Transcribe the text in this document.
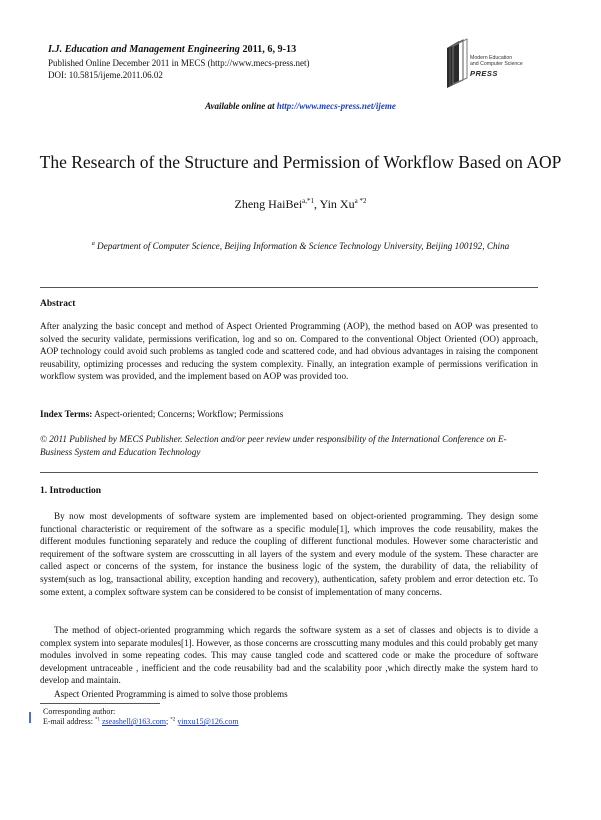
I.J. Education and Management Engineering 2011, 6, 9-13
Published Online December 2011 in MECS (http://www.mecs-press.net)
DOI: 10.5815/ijeme.2011.06.02
Modern Education
and Computer Science
PRESS
Available online at http://www.mecs-press.net/ijeme
The Research of the Structure and Permission of Workflow Based on AOP
Zheng HaiBei$^{a,*1}$, Yin $Xu^{a *2}$
$^a$ Department of Computer Science, Beijing Information & Science Technology University, Beijing 100192, China
Abstract
After analyzing the basic concept and method of Aspect Oriented Programming (AOP), the method based on AOP was presented to solved the security validate, permissions verification, log and so on. Compared to the conventional Object Oriented (OO) approach, AOP technology could avoid such problems as tangled code and scattered code, and had obvious advantages in raising the component reusability, optimizing processes and reducing the system complexity. Finally, an integration example of permissions verification in workflow system was provided, and the implement based on AOP was provided too.
Index Terms: Aspect-oriented; Concerns; Workflow; Permissions
© 2011 Published by MECS Publisher. Selection and/or peer review under responsibility of the International Conference on E-Business System and Education Technology
1. Introduction
By now most developments of software system are implemented based on object-oriented programming. They design some functional characteristic or requirement of the software as a specific module[1], which improves the code reusability, makes the different modules functioning separately and reduce the coupling of different functional modules. However some characteristic and requirement of the software system are crosscutting in all layers of the system and every module of the system. These character are called aspect or concerns of the system, for instance the business logic of the system, the durability of data, the reliability of system(such as log, transactional ability, exception handing and recovery), authentication, safety problem and error detection etc. To some extent, a complex software system can be considered to be consist of implementation of many concerns.
The method of object-oriented programming which regards the software system as a set of classes and objects is to divide a complex system into separate modules[1]. However, as those concerns are crosscutting many modules and this could probably get many modules involved in some repeating codes. This may cause tangled code and scattered code or make the procedure of software development untraceable , inefficient and the code reusability bad and the scalability poor ,which directly make the system hard to develop and maintain.
Aspect Oriented Programming is aimed to solve those problems
Corresponding author:
E-mail address: $^{*1}$ zseashell@163.com; $^{*2}$ yinxu15@126.com
